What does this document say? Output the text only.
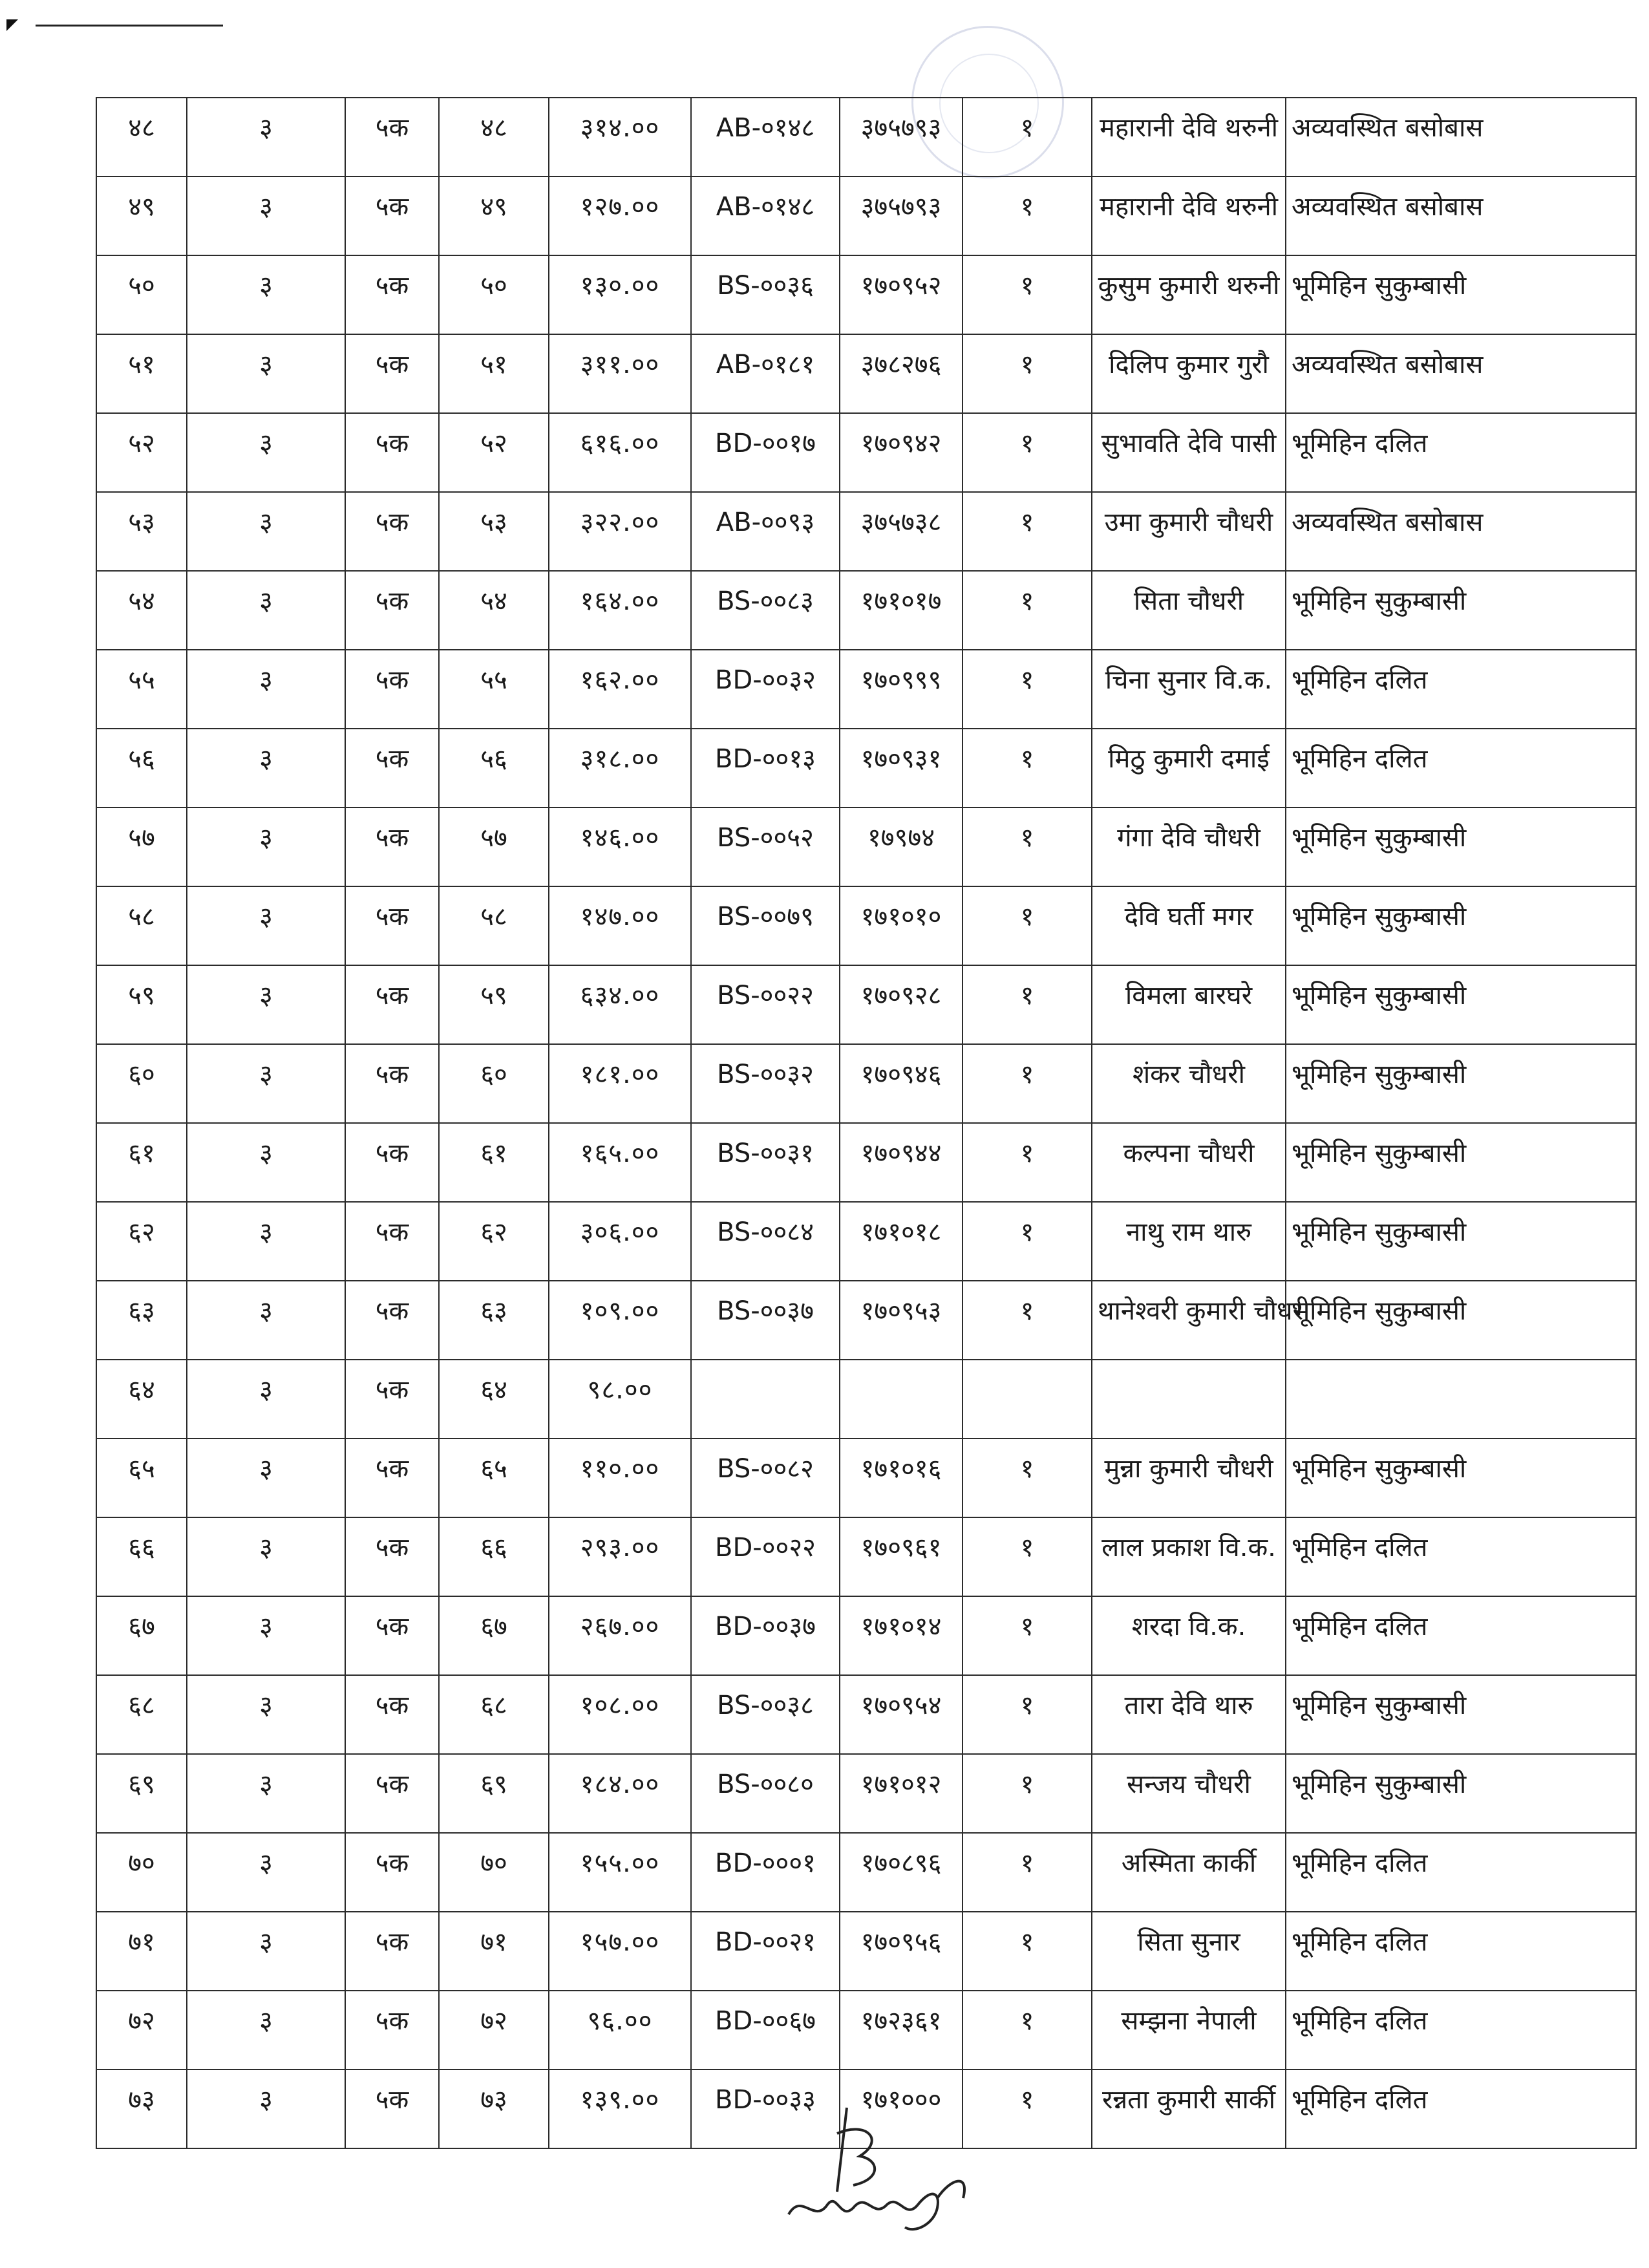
४८	३	५क	४८	३१४.००	AB-०१४८	३७५७९३	१	महारानी देवि थरुनी	अव्यवस्थित बसोबास
४९	३	५क	४९	१२७.००	AB-०१४८	३७५७९३	१	महारानी देवि थरुनी	अव्यवस्थित बसोबास
५०	३	५क	५०	१३०.००	BS-००३६	१७०९५२	१	कुसुम कुमारी थरुनी	भूमिहिन सुकुम्बासी
५१	३	५क	५१	३११.००	AB-०१८१	३७८२७६	१	दिलिप कुमार गुरौ	अव्यवस्थित बसोबास
५२	३	५क	५२	६१६.००	BD-००१७	१७०९४२	१	सुभावति देवि पासी	भूमिहिन दलित
५३	३	५क	५३	३२२.००	AB-००९३	३७५७३८	१	उमा कुमारी चौधरी	अव्यवस्थित बसोबास
५४	३	५क	५४	१६४.००	BS-००८३	१७१०१७	१	सिता चौधरी	भूमिहिन सुकुम्बासी
५५	३	५क	५५	१६२.००	BD-००३२	१७०९९९	१	चिना सुनार वि.क.	भूमिहिन दलित
५६	३	५क	५६	३१८.००	BD-००१३	१७०९३१	१	मिठु कुमारी दमाई	भूमिहिन दलित
५७	३	५क	५७	१४६.००	BS-००५२	१७९७४	१	गंगा देवि चौधरी	भूमिहिन सुकुम्बासी
५८	३	५क	५८	१४७.००	BS-००७९	१७१०१०	१	देवि घर्ती मगर	भूमिहिन सुकुम्बासी
५९	३	५क	५९	६३४.००	BS-००२२	१७०९२८	१	विमला बारघरे	भूमिहिन सुकुम्बासी
६०	३	५क	६०	१८१.००	BS-००३२	१७०९४६	१	शंकर चौधरी	भूमिहिन सुकुम्बासी
६१	३	५क	६१	१६५.००	BS-००३१	१७०९४४	१	कल्पना चौधरी	भूमिहिन सुकुम्बासी
६२	३	५क	६२	३०६.००	BS-००८४	१७१०१८	१	नाथु राम थारु	भूमिहिन सुकुम्बासी
६३	३	५क	६३	१०९.००	BS-००३७	१७०९५३	१	थानेश्वरी कुमारी चौधरी	भूमिहिन सुकुम्बासी
६४	३	५क	६४	९८.००					
६५	३	५क	६५	११०.००	BS-००८२	१७१०१६	१	मुन्ना कुमारी चौधरी	भूमिहिन सुकुम्बासी
६६	३	५क	६६	२९३.००	BD-००२२	१७०९६१	१	लाल प्रकाश वि.क.	भूमिहिन दलित
६७	३	५क	६७	२६७.००	BD-००३७	१७१०१४	१	शरदा वि.क.	भूमिहिन दलित
६८	३	५क	६८	१०८.००	BS-००३८	१७०९५४	१	तारा देवि थारु	भूमिहिन सुकुम्बासी
६९	३	५क	६९	१८४.००	BS-००८०	१७१०१२	१	सन्जय चौधरी	भूमिहिन सुकुम्बासी
७०	३	५क	७०	१५५.००	BD-०००१	१७०८९६	१	अस्मिता कार्की	भूमिहिन दलित
७१	३	५क	७१	१५७.००	BD-००२१	१७०९५६	१	सिता सुनार	भूमिहिन दलित
७२	३	५क	७२	९६.००	BD-००६७	१७२३६१	१	सम्झना नेपाली	भूमिहिन दलित
७३	३	५क	७३	१३९.००	BD-००३३	१७१०००	१	रन्नता कुमारी सार्की	भूमिहिन दलित
